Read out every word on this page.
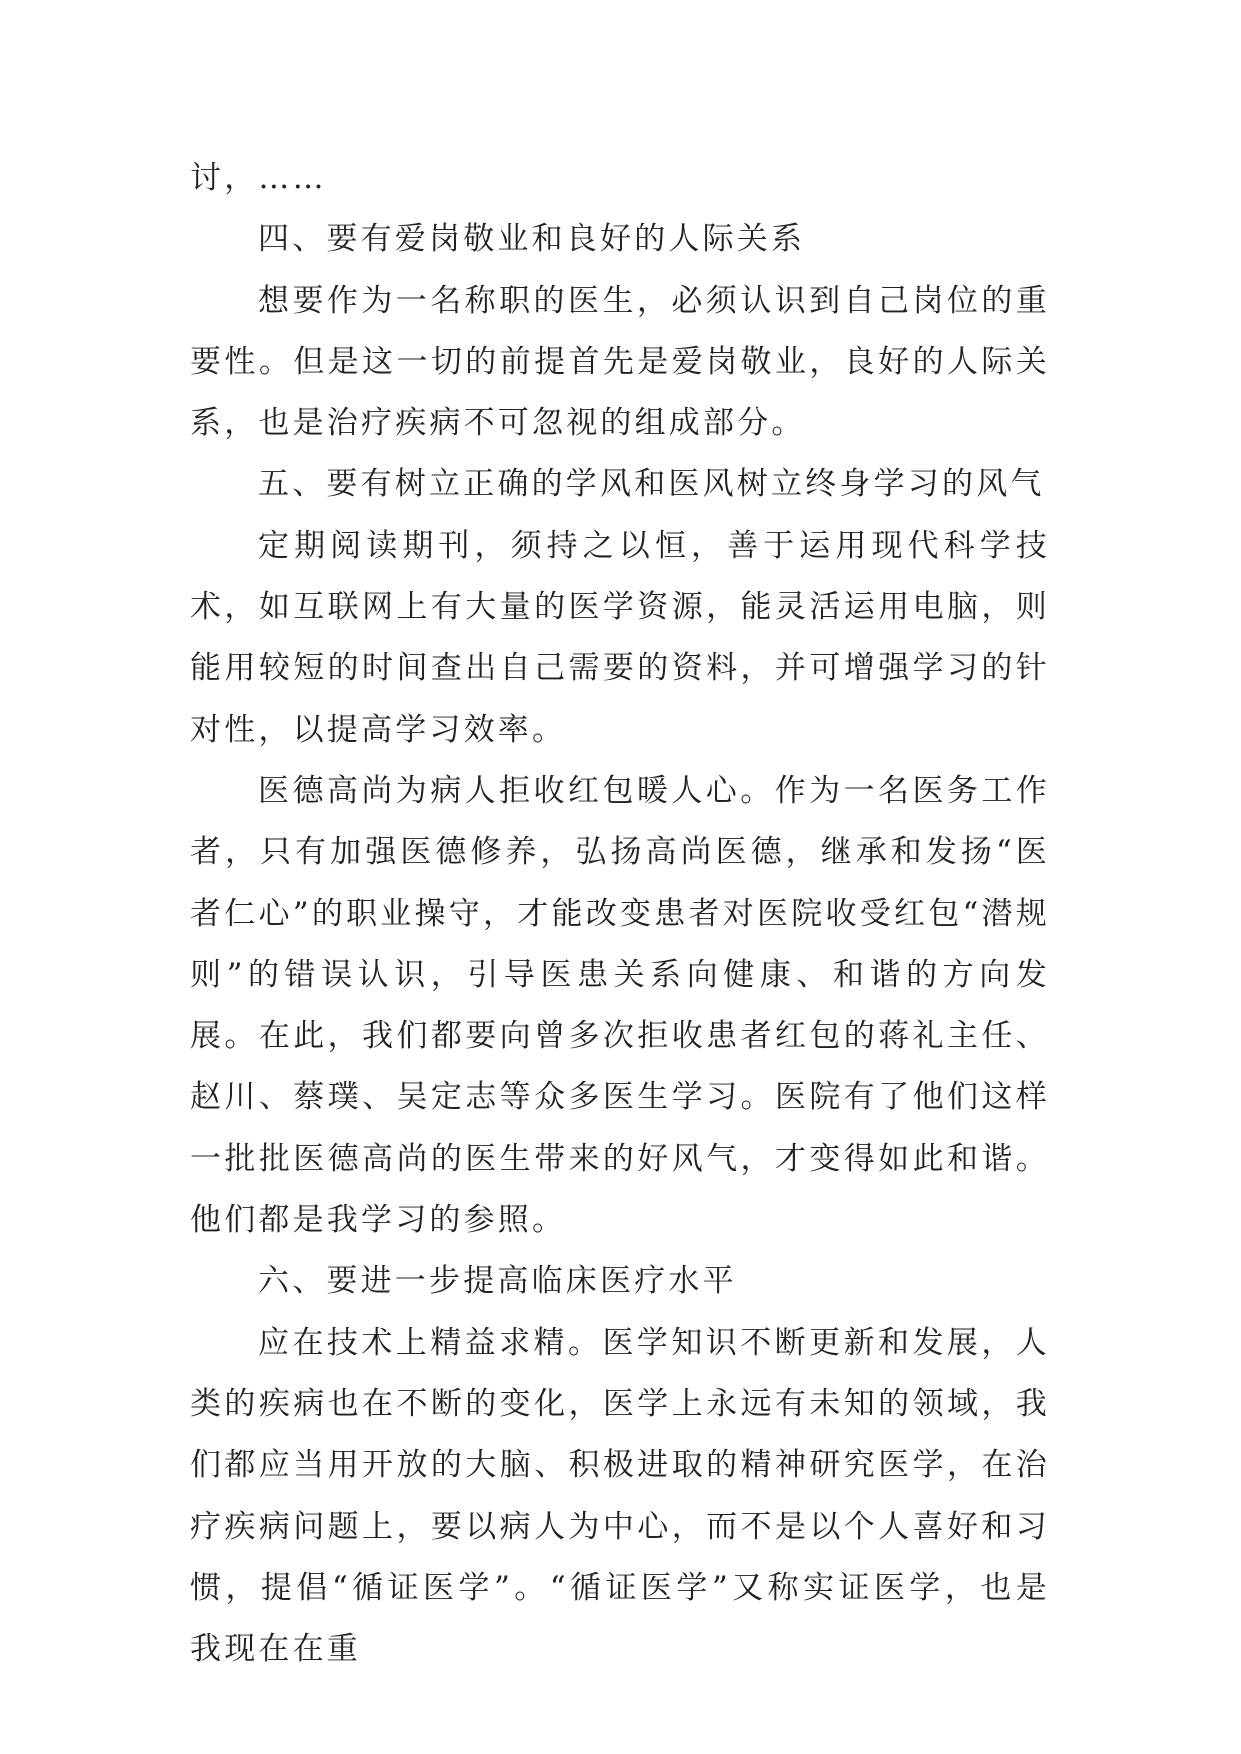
讨，……

四、要有爱岗敬业和良好的人际关系

想要作为一名称职的医生，必须认识到自己岗位的重要性。但是这一切的前提首先是爱岗敬业，良好的人际关系，也是治疗疾病不可忽视的组成部分。

五、要有树立正确的学风和医风树立终身学习的风气

定期阅读期刊，须持之以恒，善于运用现代科学技术，如互联网上有大量的医学资源，能灵活运用电脑，则能用较短的时间查出自己需要的资料，并可增强学习的针对性，以提高学习效率。

医德高尚为病人拒收红包暖人心。作为一名医务工作者，只有加强医德修养，弘扬高尚医德，继承和发扬“医者仁心”的职业操守，才能改变患者对医院收受红包“潜规则”的错误认识，引导医患关系向健康、和谐的方向发展。在此，我们都要向曾多次拒收患者红包的蒋礼主任、赵川、蔡璞、吴定志等众多医生学习。医院有了他们这样一批批医德高尚的医生带来的好风气，才变得如此和谐。他们都是我学习的参照。

六、要进一步提高临床医疗水平

应在技术上精益求精。医学知识不断更新和发展，人类的疾病也在不断的变化，医学上永远有未知的领域，我们都应当用开放的大脑、积极进取的精神研究医学，在治疗疾病问题上，要以病人为中心，而不是以个人喜好和习惯，提倡“循证医学”。“循证医学”又称实证医学，也是我现在在重
